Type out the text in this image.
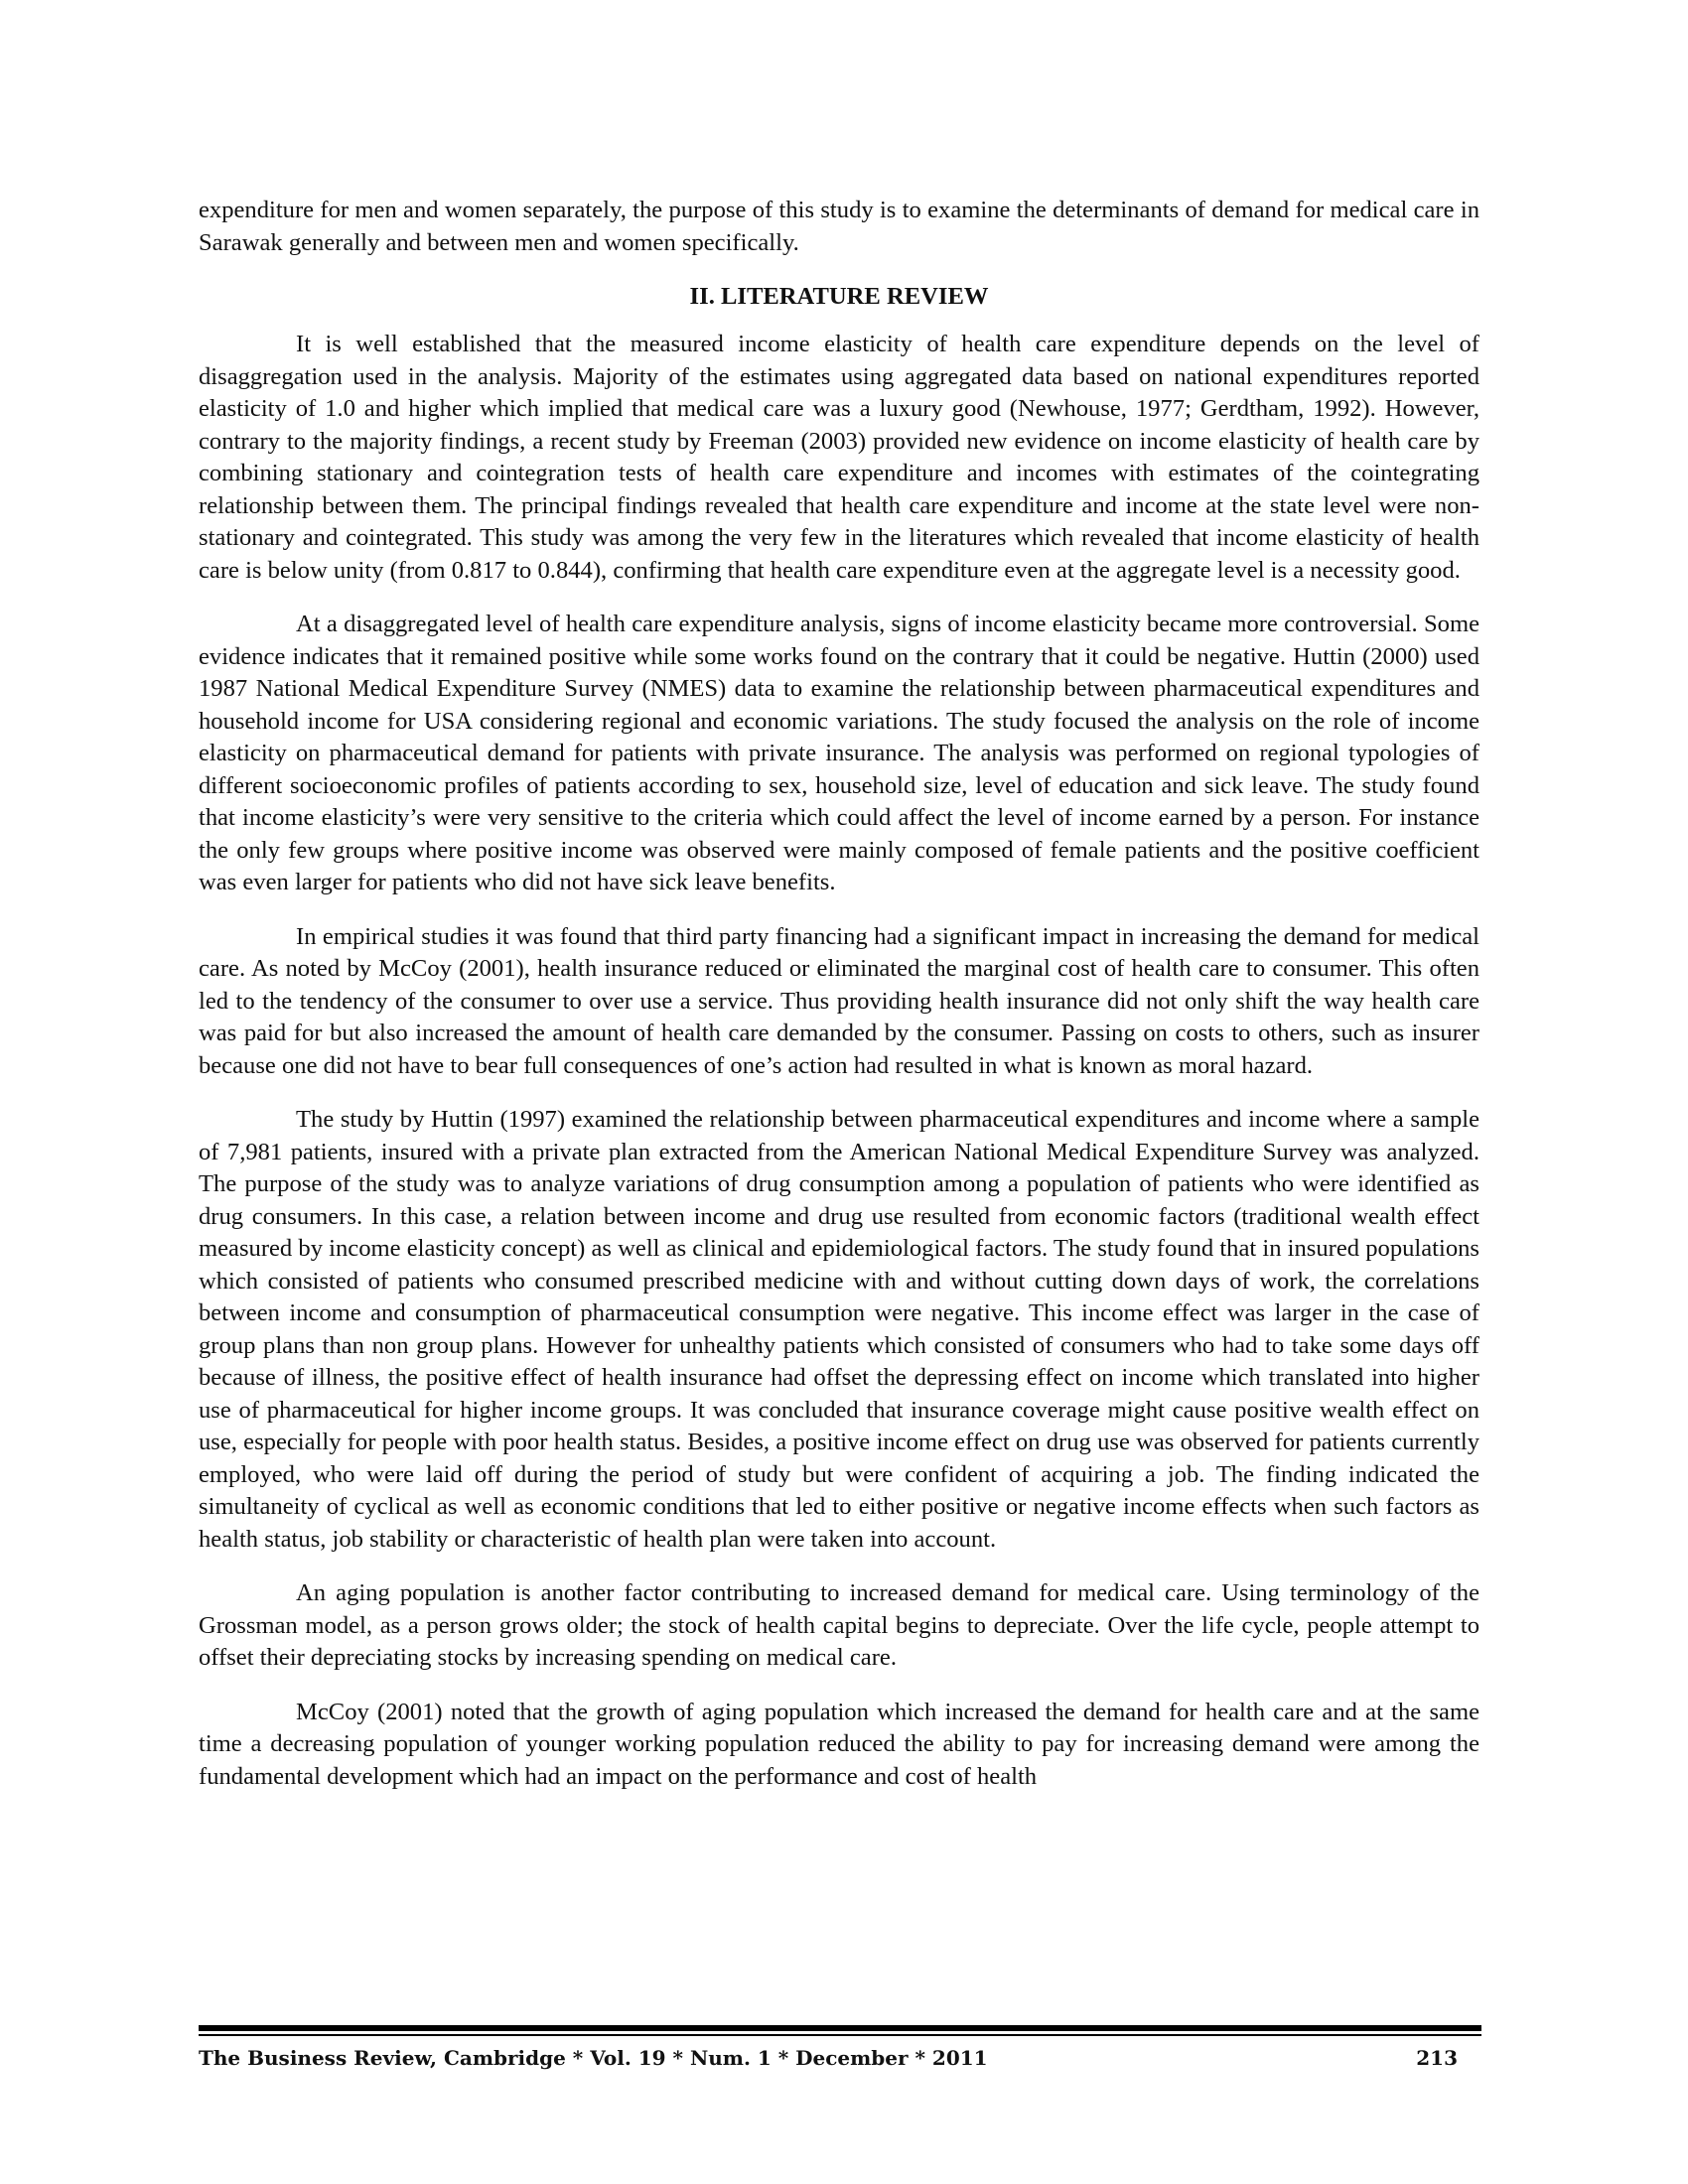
expenditure for men and women separately, the purpose of this study is to examine the determinants of demand for medical care in Sarawak generally and between men and women specifically.

II. LITERATURE REVIEW

It is well established that the measured income elasticity of health care expenditure depends on the level of disaggregation used in the analysis. Majority of the estimates using aggregated data based on national expenditures reported elasticity of 1.0 and higher which implied that medical care was a luxury good (Newhouse, 1977; Gerdtham, 1992). However, contrary to the majority findings, a recent study by Freeman (2003) provided new evidence on income elasticity of health care by combining stationary and cointegration tests of health care expenditure and incomes with estimates of the cointegrating relationship between them. The principal findings revealed that health care expenditure and income at the state level were non-stationary and cointegrated. This study was among the very few in the literatures which revealed that income elasticity of health care is below unity (from 0.817 to 0.844), confirming that health care expenditure even at the aggregate level is a necessity good.

At a disaggregated level of health care expenditure analysis, signs of income elasticity became more controversial. Some evidence indicates that it remained positive while some works found on the contrary that it could be negative. Huttin (2000) used 1987 National Medical Expenditure Survey (NMES) data to examine the relationship between pharmaceutical expenditures and household income for USA considering regional and economic variations. The study focused the analysis on the role of income elasticity on pharmaceutical demand for patients with private insurance. The analysis was performed on regional typologies of different socioeconomic profiles of patients according to sex, household size, level of education and sick leave. The study found that income elasticity’s were very sensitive to the criteria which could affect the level of income earned by a person. For instance the only few groups where positive income was observed were mainly composed of female patients and the positive coefficient was even larger for patients who did not have sick leave benefits.

In empirical studies it was found that third party financing had a significant impact in increasing the demand for medical care. As noted by McCoy (2001), health insurance reduced or eliminated the marginal cost of health care to consumer. This often led to the tendency of the consumer to over use a service. Thus providing health insurance did not only shift the way health care was paid for but also increased the amount of health care demanded by the consumer. Passing on costs to others, such as insurer because one did not have to bear full consequences of one’s action had resulted in what is known as moral hazard.

The study by Huttin (1997) examined the relationship between pharmaceutical expenditures and income where a sample of 7,981 patients, insured with a private plan extracted from the American National Medical Expenditure Survey was analyzed. The purpose of the study was to analyze variations of drug consumption among a population of patients who were identified as drug consumers. In this case, a relation between income and drug use resulted from economic factors (traditional wealth effect measured by income elasticity concept) as well as clinical and epidemiological factors. The study found that in insured populations which consisted of patients who consumed prescribed medicine with and without cutting down days of work, the correlations between income and consumption of pharmaceutical consumption were negative. This income effect was larger in the case of group plans than non group plans. However for unhealthy patients which consisted of consumers who had to take some days off because of illness, the positive effect of health insurance had offset the depressing effect on income which translated into higher use of pharmaceutical for higher income groups. It was concluded that insurance coverage might cause positive wealth effect on use, especially for people with poor health status. Besides, a positive income effect on drug use was observed for patients currently employed, who were laid off during the period of study but were confident of acquiring a job. The finding indicated the simultaneity of cyclical as well as economic conditions that led to either positive or negative income effects when such factors as health status, job stability or characteristic of health plan were taken into account.

An aging population is another factor contributing to increased demand for medical care. Using terminology of the Grossman model, as a person grows older; the stock of health capital begins to depreciate. Over the life cycle, people attempt to offset their depreciating stocks by increasing spending on medical care.

McCoy (2001) noted that the growth of aging population which increased the demand for health care and at the same time a decreasing population of younger working population reduced the ability to pay for increasing demand were among the fundamental development which had an impact on the performance and cost of health

The Business Review, Cambridge * Vol. 19 * Num. 1 * December * 2011	213
